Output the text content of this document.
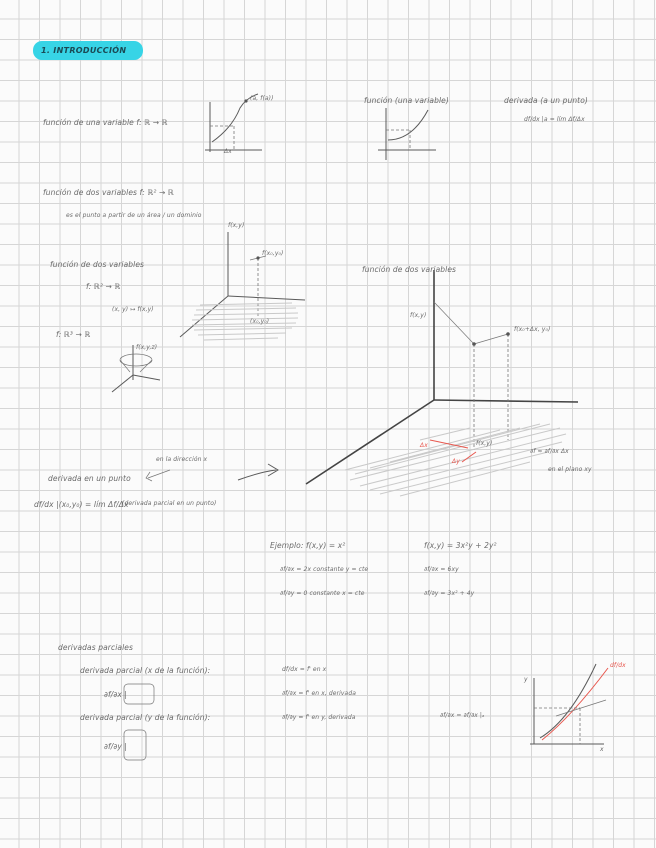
1. INTRODUCCIÓN
función de una variable f: ℝ → ℝ
(a, f(a))
Δx
función (una variable)	derivada (a un punto)
df/dx |a = lím Δf/Δx
función de dos variables f: ℝ² → ℝ
es el punto a partir de un área / un dominio
f(x,y)
f(x₀,y₀)
(x₀,y₀)
función de dos variables
f: ℝ² → ℝ
(x, y) ↦ f(x,y)
f: ℝ³ → ℝ
f(x,y,z)
función de dos variables
f(x,y)
f(x₀+Δx, y₀)
Δx
Δy
f(x,y)
∂f ≈ ∂f/∂x Δx
en el plano xy
en la dirección x
derivada en un punto
df/dx |(x₀,y₀) = lím Δf/Δx
(derivada parcial en un punto)
Ejemplo: f(x,y) = x²
∂f/∂x = 2x constante y = cte
∂f/∂y = 0 constante x = cte
f(x,y) = 3x²y + 2y²
∂f/∂x = 6xy
∂f/∂y = 3x² + 4y
derivadas parciales
derivada parcial (x de la función):
∂f/∂x |
derivada parcial (y de la función):
∂f/∂y |
df/dx = f' en x
∂f/∂x = f' en x, derivada
∂f/∂y = f' en y, derivada	∂f/∂x = ∂f/∂x |ₐ
df/dx
y
x
